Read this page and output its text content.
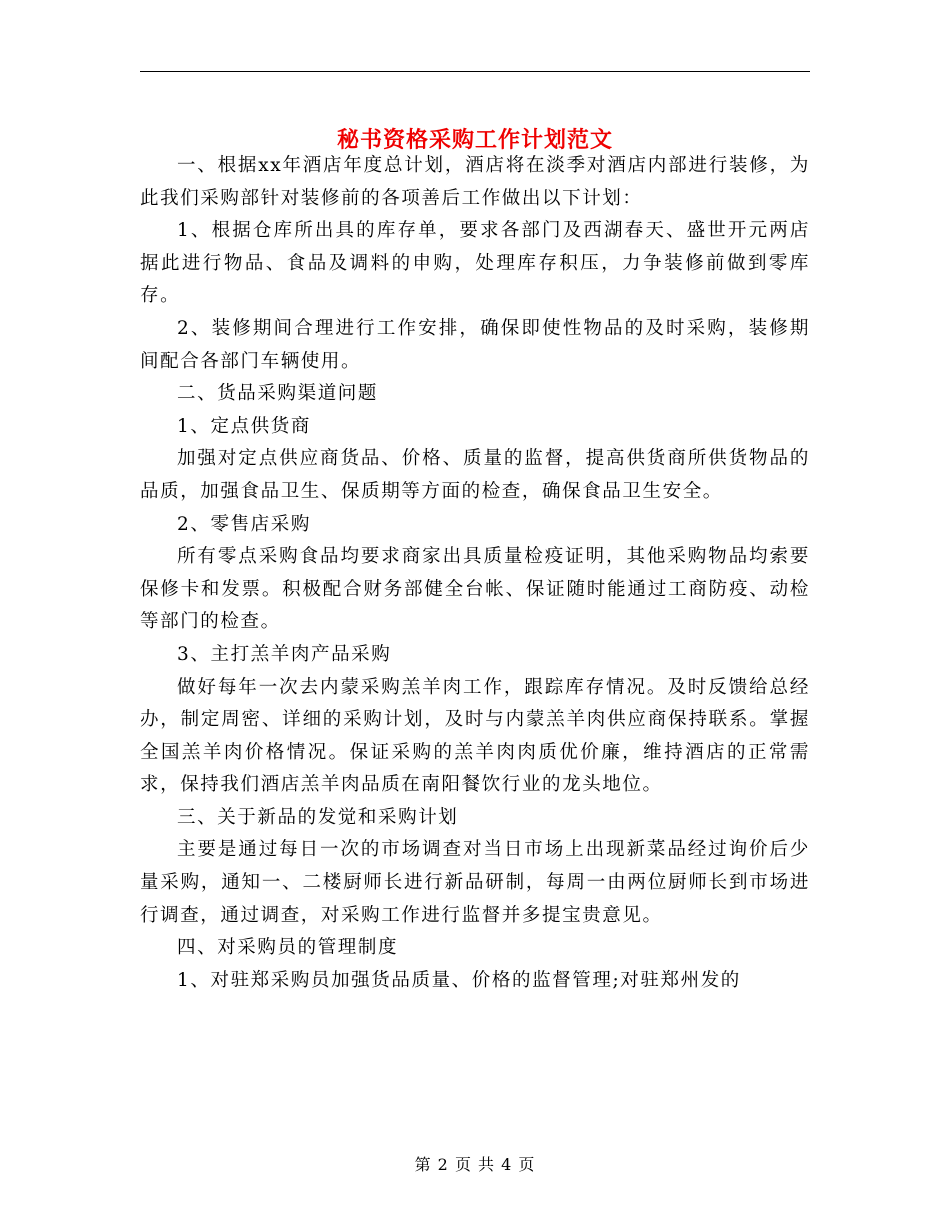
秘书资格采购工作计划范文

一、根据xx年酒店年度总计划，酒店将在淡季对酒店内部进行装修，为此我们采购部针对装修前的各项善后工作做出以下计划：

1、根据仓库所出具的库存单，要求各部门及西湖春天、盛世开元两店据此进行物品、食品及调料的申购，处理库存积压，力争装修前做到零库存。

2、装修期间合理进行工作安排，确保即使性物品的及时采购，装修期间配合各部门车辆使用。

二、货品采购渠道问题

1、定点供货商

加强对定点供应商货品、价格、质量的监督，提高供货商所供货物品的品质，加强食品卫生、保质期等方面的检查，确保食品卫生安全。

2、零售店采购

所有零点采购食品均要求商家出具质量检疫证明，其他采购物品均索要保修卡和发票。积极配合财务部健全台帐、保证随时能通过工商防疫、动检等部门的检查。

3、主打羔羊肉产品采购

做好每年一次去内蒙采购羔羊肉工作，跟踪库存情况。及时反馈给总经办，制定周密、详细的采购计划，及时与内蒙羔羊肉供应商保持联系。掌握全国羔羊肉价格情况。保证采购的羔羊肉肉质优价廉，维持酒店的正常需求，保持我们酒店羔羊肉品质在南阳餐饮行业的龙头地位。

三、关于新品的发觉和采购计划

主要是通过每日一次的市场调查对当日市场上出现新菜品经过询价后少量采购，通知一、二楼厨师长进行新品研制，每周一由两位厨师长到市场进行调查，通过调查，对采购工作进行监督并多提宝贵意见。

四、对采购员的管理制度

1、对驻郑采购员加强货品质量、价格的监督管理;对驻郑州发的

第 2 页 共 4 页
